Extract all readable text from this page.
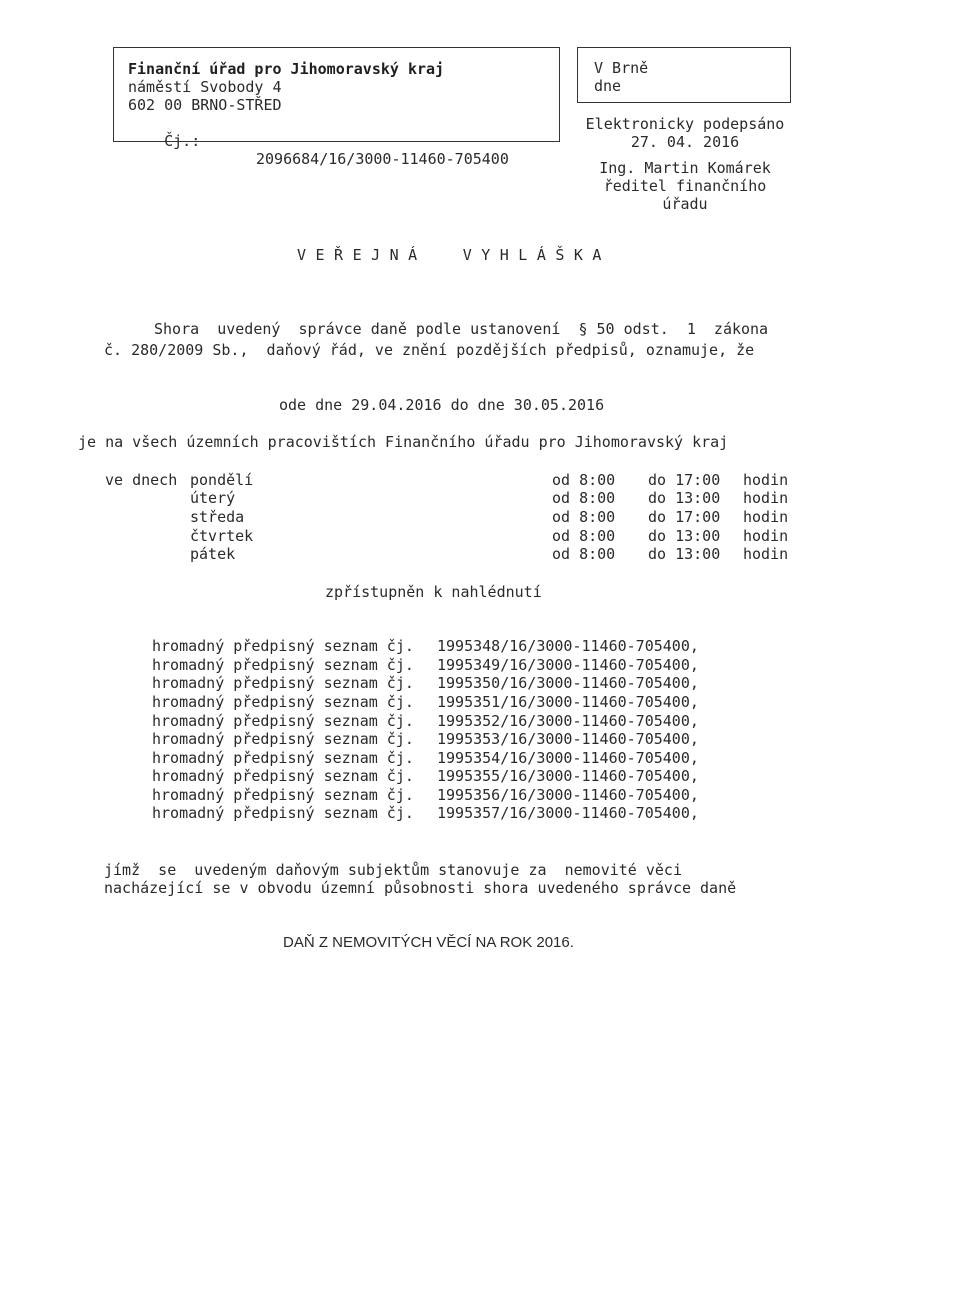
Finanční úřad pro Jihomoravský kraj
náměstí Svobody 4
602 00 BRNO-STŘED

Čj.:

2096684/16/3000-11460-705400

V Brně
dne
Elektronicky podepsáno
27. 04. 2016
Ing. Martin Komárek
ředitel finančního
úřadu
VEŘEJNÁ VYHLÁŠKA
Shora  uvedený  správce daně podle ustanovení  § 50 odst.  1  zákona
č. 280/2009 Sb.,  daňový řád, ve znění pozdějších předpisů, oznamuje, že
ode dne 29.04.2016 do dne 30.05.2016
je na všech územních pracovištích Finančního úřadu pro Jihomoravský kraj
ve dnech pondělí	od 8:00 do 17:00 hodin
úterý	od 8:00 do 13:00 hodin
středa	od 8:00 do 17:00 hodin
čtvrtek	od 8:00 do 13:00 hodin
pátek	od 8:00 do 13:00 hodin
zpřístupněn k nahlédnutí
hromadný předpisný seznam čj. 1995348/16/3000-11460-705400,
hromadný předpisný seznam čj. 1995349/16/3000-11460-705400,
hromadný předpisný seznam čj. 1995350/16/3000-11460-705400,
hromadný předpisný seznam čj. 1995351/16/3000-11460-705400,
hromadný předpisný seznam čj. 1995352/16/3000-11460-705400,
hromadný předpisný seznam čj. 1995353/16/3000-11460-705400,
hromadný předpisný seznam čj. 1995354/16/3000-11460-705400,
hromadný předpisný seznam čj. 1995355/16/3000-11460-705400,
hromadný předpisný seznam čj. 1995356/16/3000-11460-705400,
hromadný předpisný seznam čj. 1995357/16/3000-11460-705400,
jímž  se  uvedeným daňovým subjektům stanovuje za  nemovité věci
nacházející se v obvodu územní působnosti shora uvedeného správce daně
DAŇ Z NEMOVITÝCH VĚCÍ NA ROK 2016.
